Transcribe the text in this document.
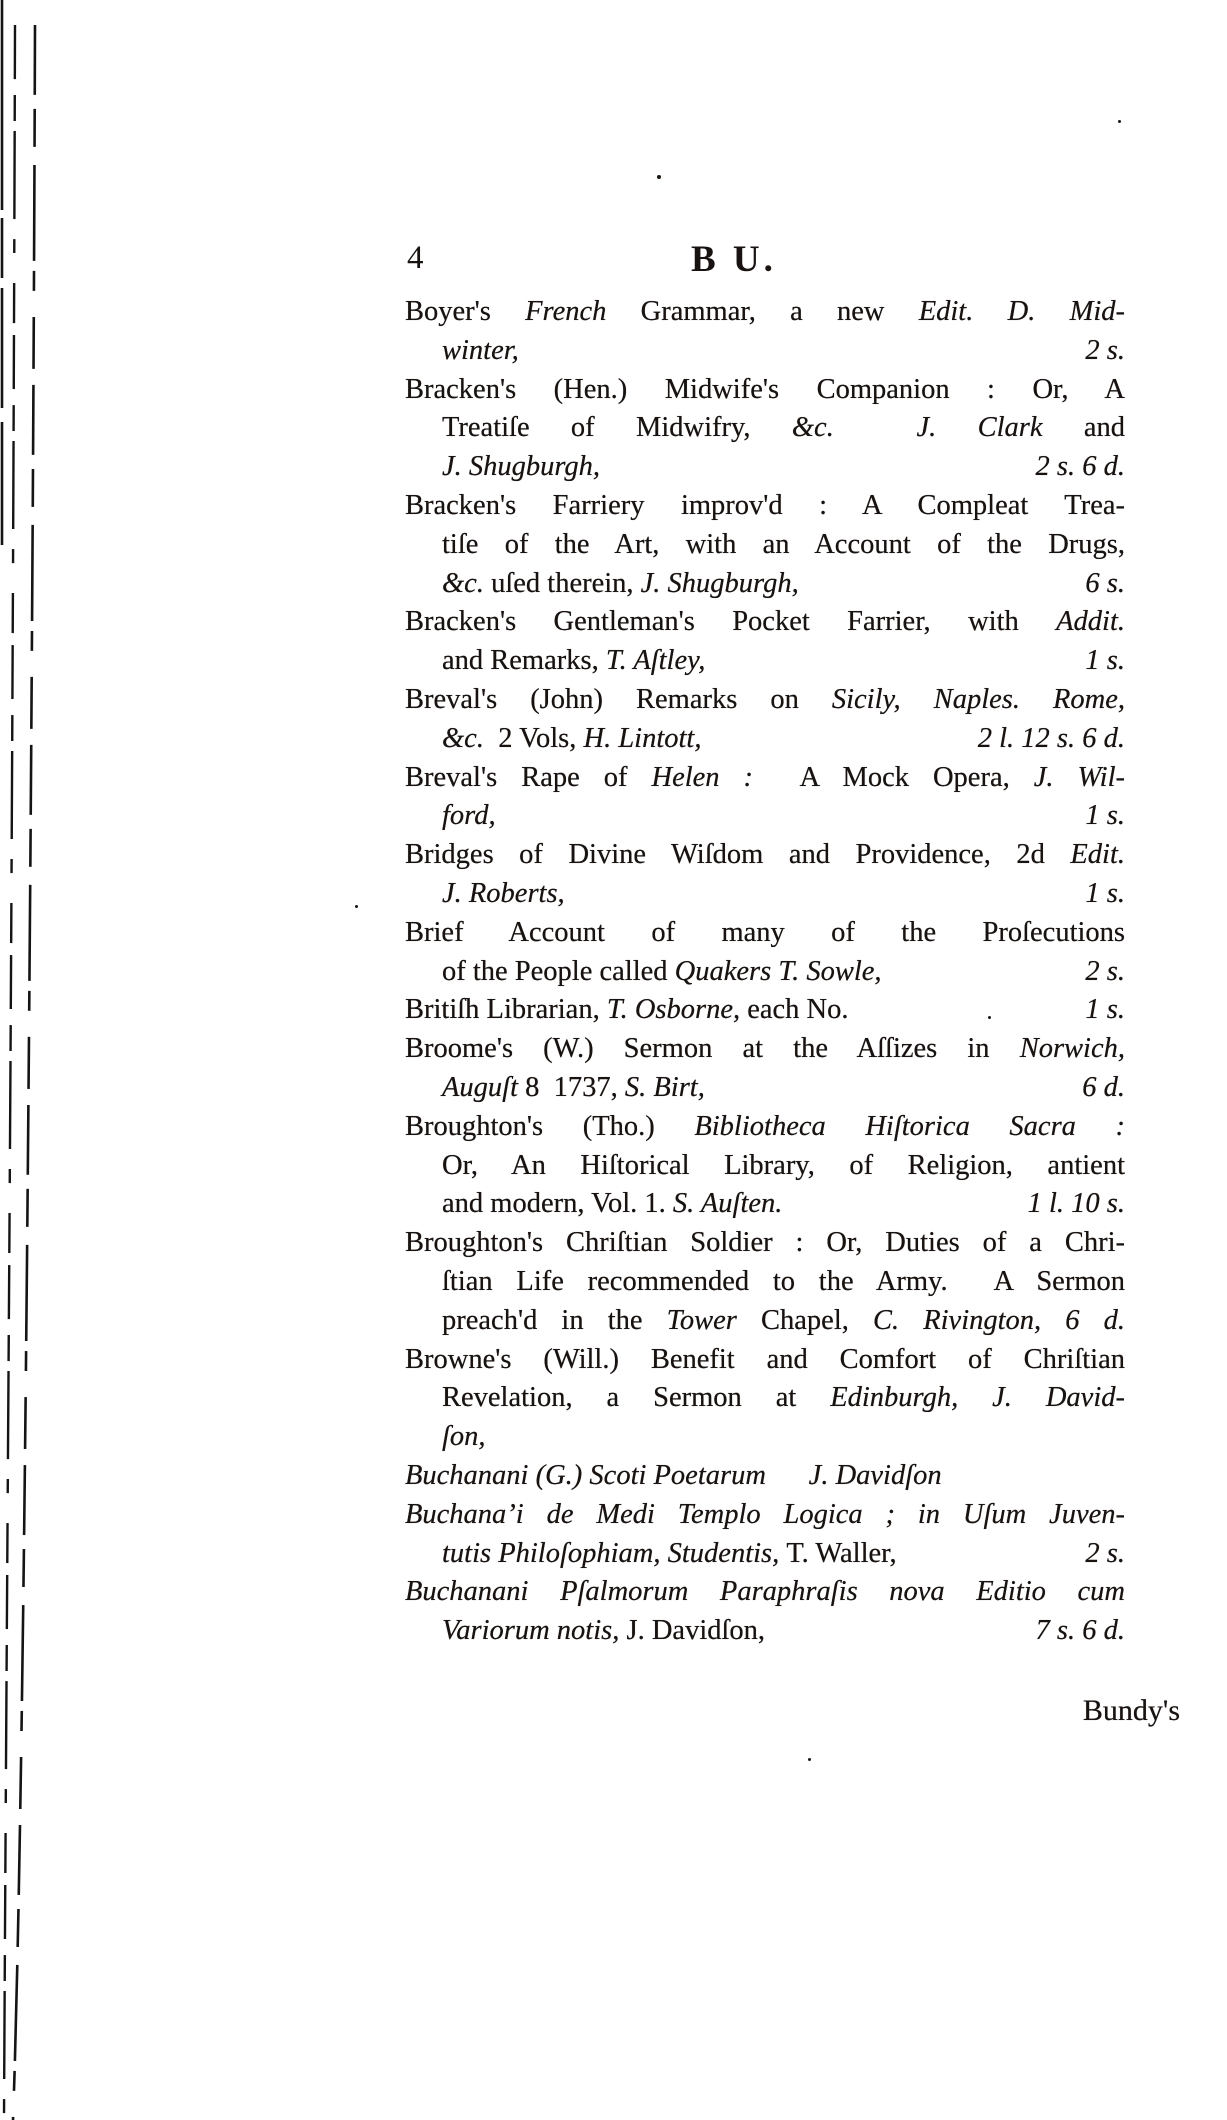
4	B U.
Boyer's French Grammar, a new Edit. D. Mid-
winter,	2 s.
Bracken's (Hen.) Midwife's Companion : Or, A
Treatiſe of Midwifry, &c.  J. Clark and
J. Shugburgh,	2 s. 6 d.
Bracken's Farriery improv'd : A Compleat Trea-
tiſe of the Art, with an Account of the Drugs,
&c. uſed therein, J. Shugburgh,	6 s.
Bracken's Gentleman's Pocket Farrier, with Addit.
and Remarks, T. Aſtley,	1 s.
Breval's (John) Remarks on Sicily, Naples. Rome,
&c.  2 Vols, H. Lintott,	2 l. 12 s. 6 d.
Breval's Rape of Helen :  A Mock Opera, J. Wil-
ford,	1 s.
Bridges of Divine Wiſdom and Providence, 2d Edit.
J. Roberts,	1 s.
Brief Account of many of the Proſecutions
of the People called Quakers T. Sowle,	2 s.
Britiſh Librarian, T. Osborne, each No.	1 s.
Broome's (W.) Sermon at the Aſſizes in Norwich,
Auguſt 8  1737, S. Birt,	6 d.
Broughton's (Tho.) Bibliotheca Hiſtorica Sacra :
Or, An Hiſtorical Library, of Religion, antient
and modern, Vol. 1. S. Auſten.	1 l. 10 s.
Broughton's Chriſtian Soldier : Or, Duties of a Chri-
ſtian Life recommended to the Army.  A Sermon
preach'd in the Tower Chapel, C. Rivington, 6 d.
Browne's (Will.) Benefit and Comfort of Chriſtian
Revelation, a Sermon at Edinburgh, J. David-
ſon,
Buchanani (G.) Scoti Poetarum  J. Davidſon
Buchanaʼi de Medi Templo Logica ; in Uſum Juven-
tutis Philoſophiam, Studentis, T. Waller,	2 s.
Buchanani Pſalmorum Paraphraſis nova Editio cum
Variorum notis, J. Davidſon,	7 s. 6 d.
Bundy's
